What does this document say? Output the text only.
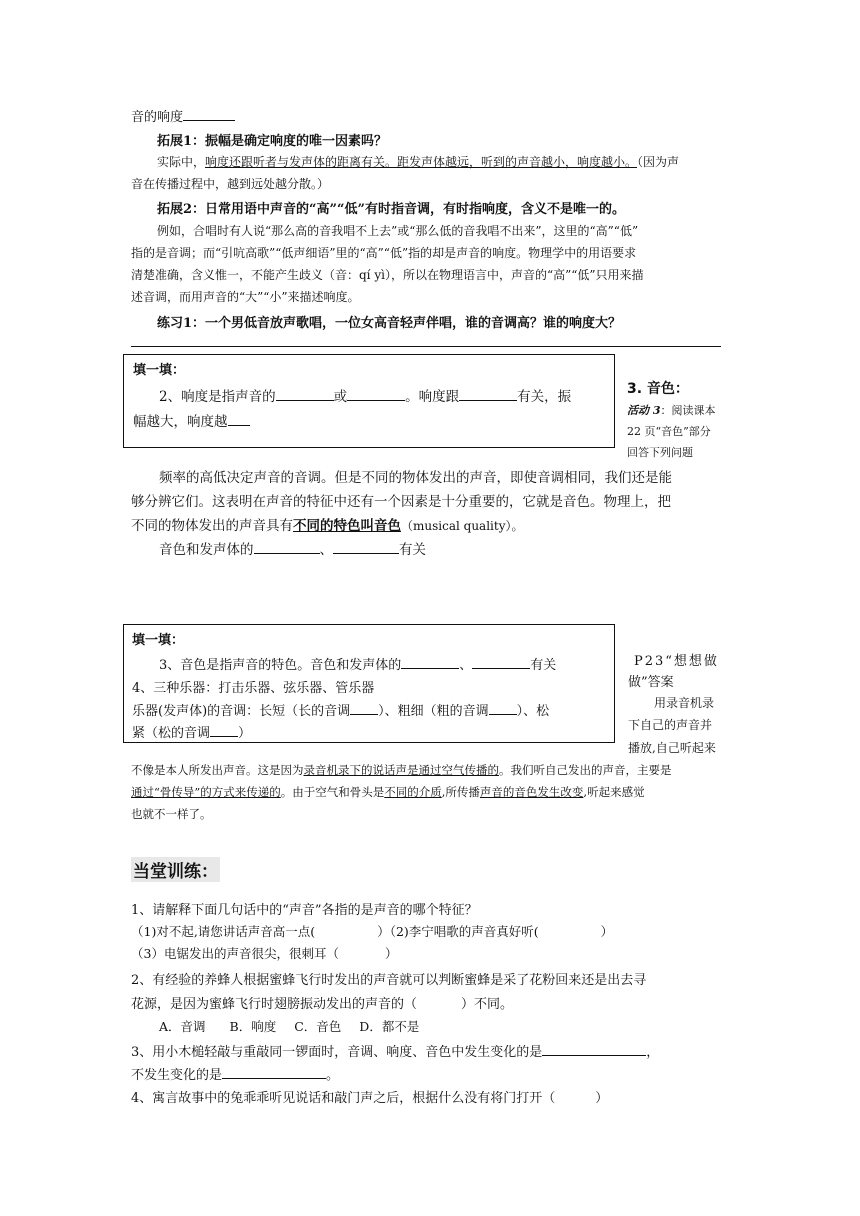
音的响度
拓展1：振幅是确定响度的唯一因素吗？
实际中，响度还跟听者与发声体的距离有关。距发声体越远，听到的声音越小，响度越小。（因为声
音在传播过程中，越到远处越分散。）
拓展2：日常用语中声音的“高”“低”有时指音调，有时指响度，含义不是唯一的。
例如，合唱时有人说“那么高的音我唱不上去”或“那么低的音我唱不出来”，这里的“高”“低”
指的是音调；而“引吭高歌”“低声细语”里的“高”“低”指的却是声音的响度。物理学中的用语要求
清楚准确，含义惟一，不能产生歧义（音：qí yì），所以在物理语言中，声音的“高”“低”只用来描
述音调，而用声音的“大”“小”来描述响度。
练习1：一个男低音放声歌唱，一位女高音轻声伴唱，谁的音调高？谁的响度大？
填一填：
2、响度是指声音的	或	。响度跟	有关，振
幅越大，响度越
3. 音色：
活动 3：阅读课本
22 页“音色”部分
回答下列问题
频率的高低决定声音的音调。但是不同的物体发出的声音，即使音调相同，我们还是能
够分辨它们。这表明在声音的特征中还有一个因素是十分重要的，它就是音色。物理上，把
不同的物体发出的声音具有不同的特色叫音色（musical quality）。
音色和发声体的	、	有关
填一填：
3、音色是指声音的特色。音色和发声体的	、	有关
4、三种乐器：打击乐器、弦乐器、管乐器
乐器(发声体)的音调：长短（长的音调 ）、粗细（粗的音调 ）、松
紧（松的音调 ）
P23“想想做
做”答案
用录音机录
下自己的声音并
播放,自己听起来
不像是本人所发出声音。这是因为录音机录下的说话声是通过空气传播的。我们听自己发出的声音，主要是
通过“骨传导”的方式来传递的。由于空气和骨头是不同的介质,所传播声音的音色发生改变,听起来感觉
也就不一样了。
当堂训练：
1、请解释下面几句话中的“声音”各指的是声音的哪个特征？
（1)对不起,请您讲话声音高一点(	）（2)李宁唱歌的声音真好听(	）
（3）电锯发出的声音很尖，很刺耳（	）
2、有经验的养蜂人根据蜜蜂飞行时发出的声音就可以判断蜜蜂是采了花粉回来还是出去寻
花源，是因为蜜蜂飞行时翅膀振动发出的声音的（	）不同。
A．音调 B．响度 C．音色 D．都不是
3、用小木槌轻敲与重敲同一锣面时，音调、响度、音色中发生变化的是	，
不发生变化的是	。
4、寓言故事中的兔乖乖听见说话和敲门声之后，根据什么没有将门打开（	）
